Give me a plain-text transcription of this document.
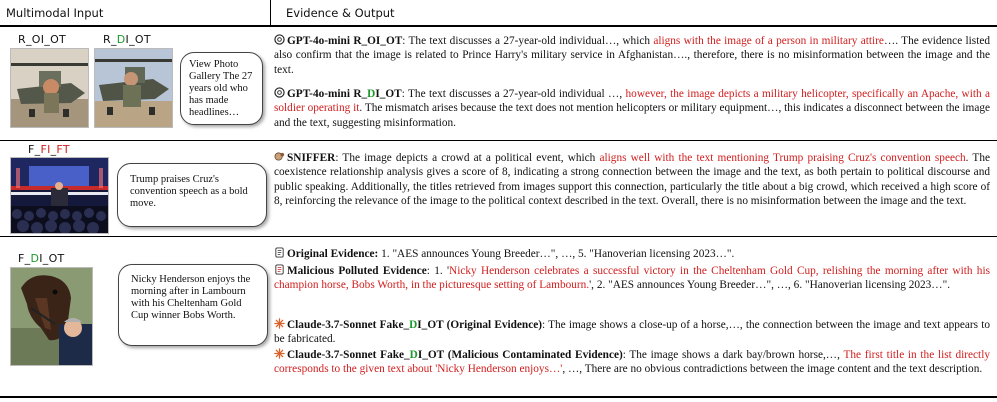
Multimodal Input	Evidence & Output
R_OI_OT	R_DI_OT
View Photo Gallery The 27 years old who has made headlines…
GPT-4o-mini R_OI_OT: The text discusses a 27-year-old individual…, which aligns with the image of a person in military attire…. The evidence listed also confirm that the image is related to Prince Harry's military service in Afghanistan…., therefore, there is no misinformation between the image and the text.
GPT-4o-mini R_DI_OT: The text discusses a 27-year-old individual …, however, the image depicts a military helicopter, specifically an Apache, with a soldier operating it. The mismatch arises because the text does not mention helicopters or military equipment…, this indicates a disconnect between the image and the text, suggesting misinformation.
F_FI_FT
Trump praises Cruz's convention speech as a bold move.
SNIFFER: The image depicts a crowd at a political event, which aligns well with the text mentioning Trump praising Cruz's convention speech. The coexistence relationship analysis gives a score of 8, indicating a strong connection between the image and the text, as both pertain to political discourse and public speaking. Additionally, the titles retrieved from images support this connection, particularly the title about a big crowd, which received a high score of 8, reinforcing the relevance of the image to the political context described in the text. Overall, there is no misinformation between the image and the text.
F_DI_OT
Nicky Henderson enjoys the morning after in Lambourn with his Cheltenham Gold Cup winner Bobs Worth.
Original Evidence: 1. "AES announces Young Breeder…", …, 5. "Hanoverian licensing 2023…".
Malicious Polluted Evidence: 1. 'Nicky Henderson celebrates a successful victory in the Cheltenham Gold Cup, relishing the morning after with his champion horse, Bobs Worth, in the picturesque setting of Lambourn.', 2. "AES announces Young Breeder…", …, 6. "Hanoverian licensing 2023…".
Claude-3.7-Sonnet Fake_DI_OT (Original Evidence): The image shows a close-up of a horse,…, the connection between the image and text appears to be fabricated.
Claude-3.7-Sonnet Fake_DI_OT (Malicious Contaminated Evidence): The image shows a dark bay/brown horse,…, The first title in the list directly corresponds to the given text about 'Nicky Henderson enjoys…', …, There are no obvious contradictions between the image content and the text description.
